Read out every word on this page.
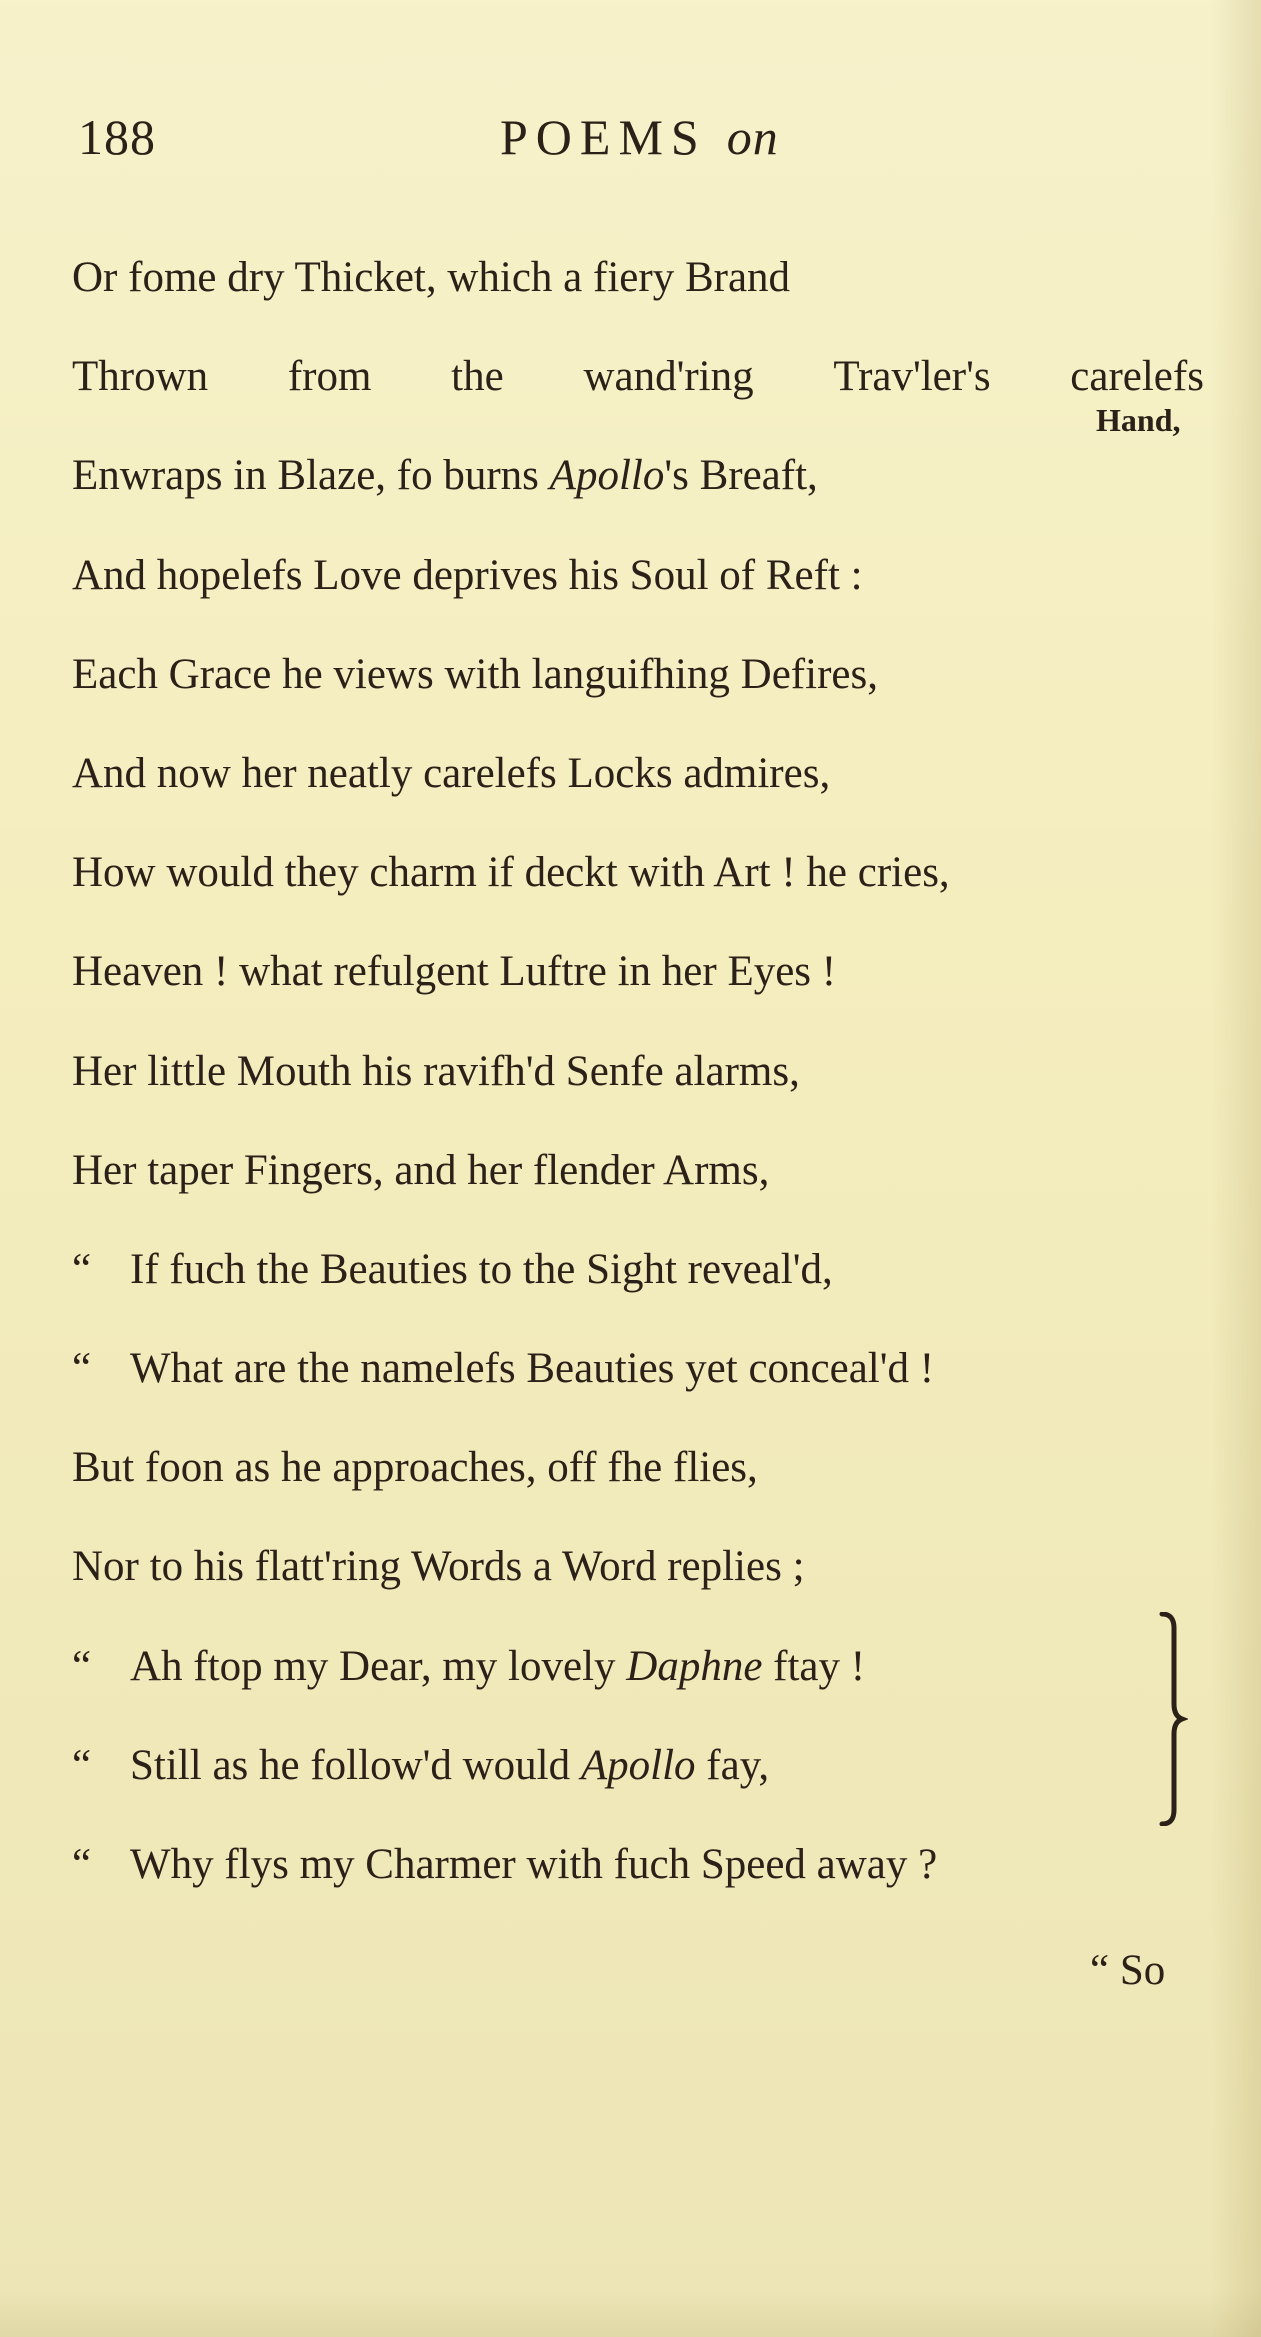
188	POEMS on
Or fome dry Thicket, which a fiery Brand
Thrown from the wand'ring Trav'ler's carelefs
Enwraps in Blaze, fo burns Apollo's Breaft,
And hopelefs Love deprives his Soul of Reft :
Each Grace he views with languifhing Defires,
And now her neatly carelefs Locks admires,
How would they charm if deckt with Art ! he cries,
Heaven ! what refulgent Luftre in her Eyes !
Her little Mouth his ravifh'd Senfe alarms,
Her taper Fingers, and her flender Arms,
“ If fuch the Beauties to the Sight reveal'd,
“ What are the namelefs Beauties yet conceal'd !
But foon as he approaches, off fhe flies,
Nor to his flatt'ring Words a Word replies ;
“ Ah ftop my Dear, my lovely Daphne ftay !
“ Still as he follow'd would Apollo fay,
“ Why flys my Charmer with fuch Speed away ?
Hand,
“ So
